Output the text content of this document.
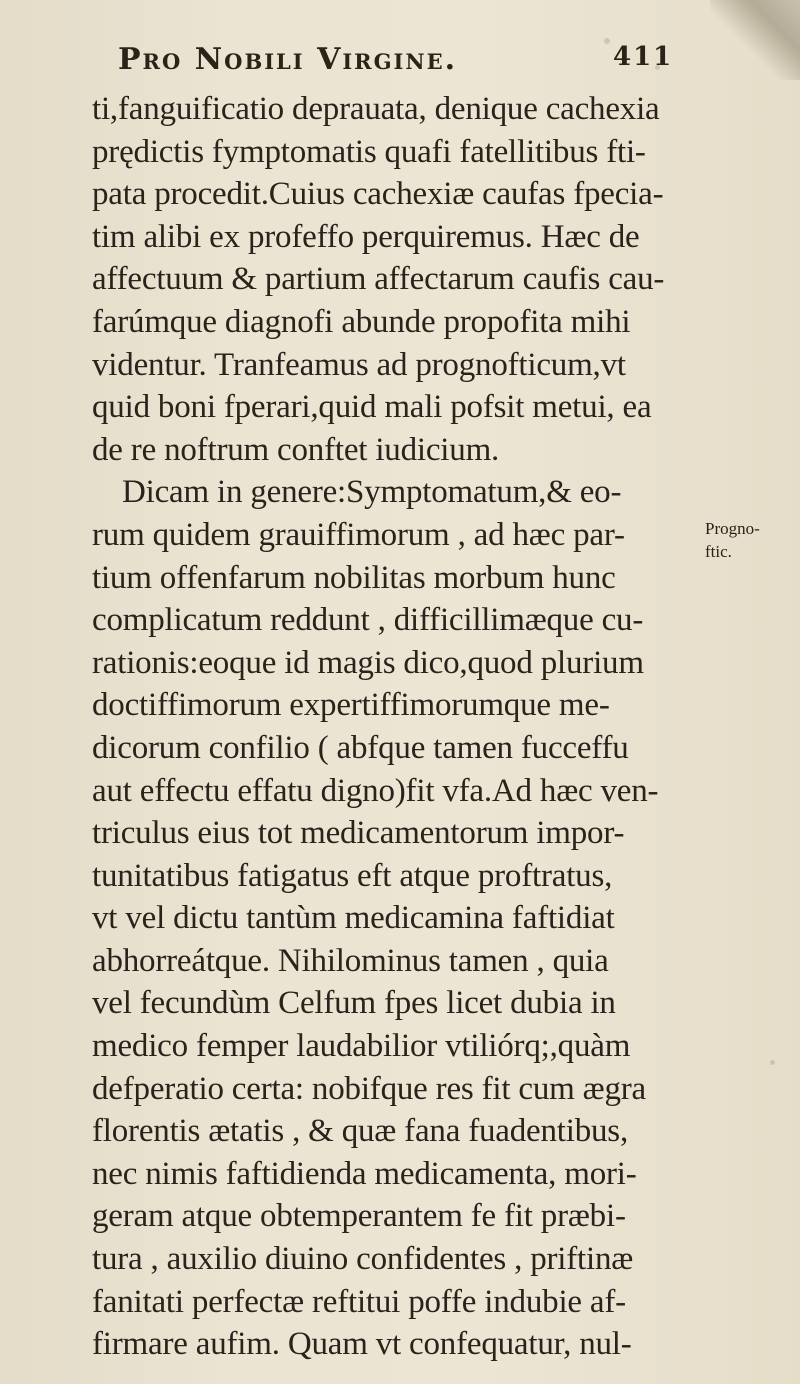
Pro Nobili Virgine.	411
ti,fanguificatio deprauata, denique cachexia
prędictis fymptomatis quafi fatellitibus fti-
pata procedit.Cuius cachexiæ caufas fpecia-
tim alibi ex profeffo perquiremus. Hæc de
affectuum & partium affectarum caufis cau-
farúmque diagnofi abunde propofita mihi
videntur. Tranfeamus ad prognofticum,vt
quid boni fperari,quid mali pofsit metui, ea
de re noftrum conftet iudicium.
Dicam in genere:Symptomatum,& eo-
rum quidem grauiffimorum , ad hæc par-
tium offenfarum nobilitas morbum hunc
complicatum reddunt , difficillimæque cu-
rationis:eoque id magis dico,quod plurium
doctiffimorum expertiffimorumque me-
dicorum confilio ( abfque tamen fucceffu
aut effectu effatu digno)fit vfa.Ad hæc ven-
triculus eius tot medicamentorum impor-
tunitatibus fatigatus eft atque proftratus,
vt vel dictu tantùm medicamina faftidiat
abhorreátque. Nihilominus tamen , quia
vel fecundùm Celfum fpes licet dubia in
medico femper laudabilior vtiliórq;,quàm
defperatio certa: nobifque res fit cum ægra
florentis ætatis , & quæ fana fuadentibus,
nec nimis faftidienda medicamenta, mori-
geram atque obtemperantem fe fit præbi-
tura , auxilio diuino confidentes , priftinæ
fanitati perfectæ reftitui poffe indubie af-
firmare aufim. Quam vt confequatur, nul-
Progno-
ftic.
